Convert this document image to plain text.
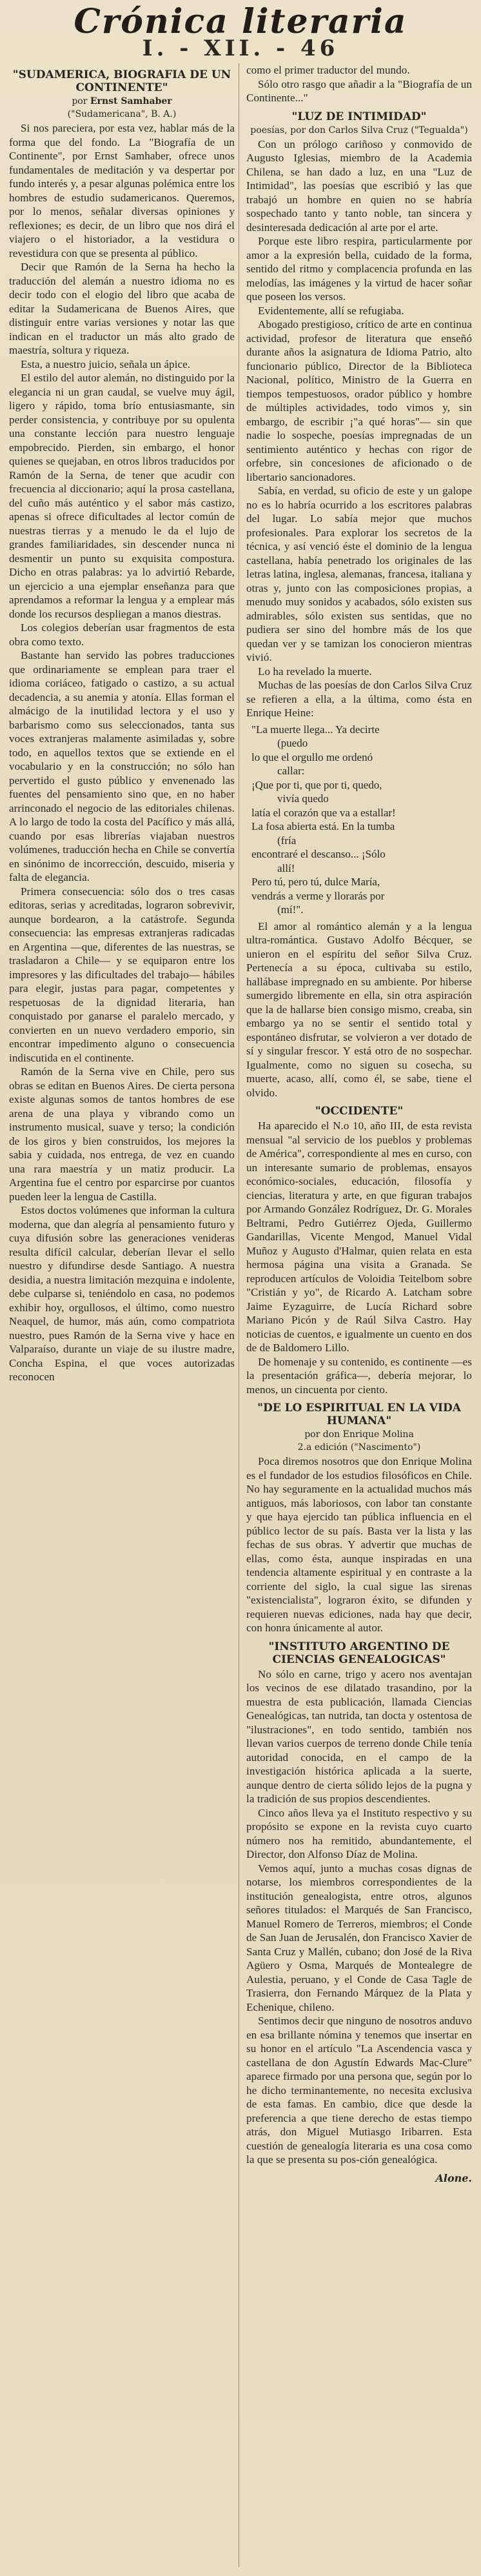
Crónica literaria
I. - XII. - 46
"SUDAMERICA, BIOGRAFIA DE UN CONTINENTE"
por Ernst Samhaber
("Sudamericana", B. A.)

Si nos pareciera, por esta vez, hablar más de la forma que del fondo. La "Biografía de un Continente", por Ernst Samhaber, ofrece unos fundamentales de meditación y va despertar por fundo interés y, a pesar algunas polémica entre los hombres de estudio sudamericanos. Queremos, por lo menos, señalar diversas opiniones y reflexiones; es decir, de un libro que nos dirá el viajero o el historiador, a la vestidura o revestidura con que se presenta al público.

Decir que Ramón de la Serna ha hecho la traducción del alemán a nuestro idioma no es decir todo con el elogio del libro que acaba de editar la Sudamericana de Buenos Aires, que distinguir entre varias versiones y notar las que indican en el traductor un más alto grado de maestría, soltura y riqueza.

Esta, a nuestro juicio, señala un ápice.

El estilo del autor alemán, no distinguido por la elegancia ni un gran caudal, se vuelve muy ágil, ligero y rápido, toma brío entusiasmante, sin perder consistencia, y contribuye por su opulenta una constante lección para nuestro lenguaje empobrecido. Pierden, sin embargo, el honor quienes se quejaban, en otros libros traducidos por Ramón de la Serna, de tener que acudir con frecuencia al diccionario; aquí la prosa castellana, del cuño más auténtico y el sabor más castizo, apenas si ofrece dificultades al lector común de nuestras tierras y a menudo le da el lujo de grandes familiaridades, sin descender nunca ni desmentir un punto su exquisita compostura. Dicho en otras palabras: ya lo advirtió Rebarde, un ejercicio a una ejemplar enseñanza para que aprendamos a reformar la lengua y a emplear más donde los recursos despliegan a manos diestras.

Los colegios deberían usar fragmentos de esta obra como texto.

Bastante han servido las pobres traducciones que ordinariamente se emplean para traer el idioma coriáceo, fatigado o castizo, a su actual decadencia, a su anemia y atonía. Ellas forman el almácigo de la inutilidad lectora y el uso y barbarismo como sus seleccionados, tanta sus voces extranjeras malamente asimiladas y, sobre todo, en aquellos textos que se extiende en el vocabulario y en la construcción; no sólo han pervertido el gusto público y envenenado las fuentes del pensamiento sino que, en no haber arrinconado el negocio de las editoriales chilenas. A lo largo de todo la costa del Pacífico y más allá, cuando por esas librerías viajaban nuestros volúmenes, traducción hecha en Chile se convertía en sinónimo de incorrección, descuido, miseria y falta de elegancia.

Primera consecuencia: sólo dos o tres casas editoras, serias y acreditadas, lograron sobrevivir, aunque bordearon, a la catástrofe. Segunda consecuencia: las empresas extranjeras radicadas en Argentina —que, diferentes de las nuestras, se trasladaron a Chile— y se equiparon entre los impresores y las dificultades del trabajo— hábiles para elegir, justas para pagar, competentes y respetuosas de la dignidad literaria, han conquistado por ganarse el paralelo mercado, y convierten en un nuevo verdadero emporio, sin encontrar impedimento alguno o consecuencia indiscutida en el continente.

Ramón de la Serna vive en Chile, pero sus obras se editan en Buenos Aires. De cierta persona existe algunas somos de tantos hombres de ese arena de una playa y vibrando como un instrumento musical, suave y terso; la condición de los giros y bien construidos, los mejores la sabia y cuidada, nos entrega, de vez en cuando una rara maestría y un matiz producir. La Argentina fue el centro por esparcirse por cuantos pueden leer la lengua de Castilla.

Estos doctos volúmenes que informan la cultura moderna, que dan alegría al pensamiento futuro y cuya difusión sobre las generaciones venideras resulta difícil calcular, deberían llevar el sello nuestro y difundirse desde Santiago. A nuestra desidia, a nuestra limitación mezquina e indolente, debe culparse si, teniéndolo en casa, no podemos exhibir hoy, orgullosos, el último, como nuestro Neaquel, de humor, más aún, como compatriota nuestro, pues Ramón de la Serna vive y hace en Valparaíso, durante un viaje de su ilustre madre, Concha Espina, el que voces autorizadas reconocen

como el primer traductor del mundo.

Sólo otro rasgo que añadir a la "Biografía de un Continente..."

"LUZ DE INTIMIDAD"
poesías, por don Carlos Silva Cruz ("Tegualda")

Con un prólogo cariñoso y conmovido de Augusto Iglesias, miembro de la Academia Chilena, se han dado a luz, en una "Luz de Intimidad", las poesías que escribió y las que trabajó un hombre en quien no se habría sospechado tanto y tanto noble, tan sincera y desinteresada dedicación al arte por el arte.

Porque este libro respira, particularmente por amor a la expresión bella, cuidado de la forma, sentido del ritmo y complacencia profunda en las melodías, las imágenes y la virtud de hacer soñar que poseen los versos.

Evidentemente, allí se refugiaba.

Abogado prestigioso, crítico de arte en continua actividad, profesor de literatura que enseñó durante años la asignatura de Idioma Patrio, alto funcionario público, Director de la Biblioteca Nacional, político, Ministro de la Guerra en tiempos tempestuosos, orador público y hombre de múltiples actividades, todo vimos y, sin embargo, de escribir ¡"a qué horas"— sin que nadie lo sospeche, poesías impregnadas de un sentimiento auténtico y hechas con rigor de orfebre, sin concesiones de aficionado o de libertario sancionadores.

Sabía, en verdad, su oficio de este y un galope no es lo habría ocurrido a los escritores palabras del lugar. Lo sabía mejor que muchos profesionales. Para explorar los secretos de la técnica, y así venció éste el dominio de la lengua castellana, había penetrado los originales de las letras latina, inglesa, alemanas, francesa, italiana y otras y, junto con las composiciones propias, a menudo muy sonidos y acabados, sólo existen sus admirables, sólo existen sus sentidas, que no pudiera ser sino del hombre más de los que quedan ver y se tamizan los conocieron mientras vivió.

Lo ha revelado la muerte.

Muchas de las poesías de don Carlos Silva Cruz se refieren a ella, a la última, como ésta en Enrique Heine:

"La muerte llega... Ya decirte

(puedo

lo que el orgullo me ordenó

callar:

¡Que por ti, que por ti, quedo,

vivía quedo

latía el corazón que va a estallar!

La fosa abierta está. En la tumba

(fría

encontraré el descanso... ¡Sólo

allí!

Pero tú, pero tú, dulce María,

vendrás a verme y llorarás por

(mí!".

El amor al romántico alemán y a la lengua ultra-romántica. Gustavo Adolfo Bécquer, se unieron en el espíritu del señor Silva Cruz. Pertenecía a su época, cultivaba su estilo, hallábase impregnado en su ambiente. Por hiberse sumergido libremente en ella, sin otra aspiración que la de hallarse bien consigo mismo, creaba, sin embargo ya no se sentir el sentido total y espontáneo disfrutar, se volvieron a ver dotado de sí y singular frescor. Y está otro de no sospechar. Igualmente, como no siguen su cosecha, su muerte, acaso, allí, como él, se sabe, tiene el olvido.

"OCCIDENTE"

Ha aparecido el N.o 10, año III, de esta revista mensual "al servicio de los pueblos y problemas de América", correspondiente al mes en curso, con un interesante sumario de problemas, ensayos económico-sociales, educación, filosofía y ciencias, literatura y arte, en que figuran trabajos por Armando González Rodríguez, Dr. G. Morales Beltrami, Pedro Gutiérrez Ojeda, Guillermo Gandarillas, Vicente Mengod, Manuel Vidal Muñoz y Augusto d'Halmar, quien relata en esta hermosa página una visita a Granada. Se reproducen artículos de Voloidia Teitelbom sobre "Cristián y yo", de Ricardo A. Latcham sobre Jaime Eyzaguirre, de Lucía Richard sobre Mariano Picón y de Raúl Silva Castro. Hay noticias de cuentos, e igualmente un cuento en dos de de Baldomero Lillo.

De homenaje y su contenido, es continente —es la presentación gráfica—, debería mejorar, lo menos, un cincuenta por ciento.

"DE LO ESPIRITUAL EN LA VIDA HUMANA"
por don Enrique Molina
2.a edición ("Nascimento")

Poca diremos nosotros que don Enrique Molina es el fundador de los estudios filosóficos en Chile. No hay seguramente en la actualidad muchos más antiguos, más laboriosos, con labor tan constante y que haya ejercido tan pública influencia en el público lector de su país. Basta ver la lista y las fechas de sus obras. Y advertir que muchas de ellas, como ésta, aunque inspiradas en una tendencia altamente espiritual y en contraste a la corriente del siglo, la cual sigue las sirenas "existencialista", lograron éxito, se difunden y requieren nuevas ediciones, nada hay que decir, con honra únicamente al autor.

"INSTITUTO ARGENTINO DE CIENCIAS GENEALOGICAS"

No sólo en carne, trigo y acero nos aventajan los vecinos de ese dilatado trasandino, por la muestra de esta publicación, llamada Ciencias Genealógicas, tan nutrida, tan docta y ostentosa de "ilustraciones", en todo sentido, también nos llevan varios cuerpos de terreno donde Chile tenía autoridad conocida, en el campo de la investigación histórica aplicada a la suerte, aunque dentro de cierta sólido lejos de la pugna y la tradición de sus propios descendientes.

Cinco años lleva ya el Instituto respectivo y su propósito se expone en la revista cuyo cuarto número nos ha remitido, abundantemente, el Director, don Alfonso Díaz de Molina.

Vemos aquí, junto a muchas cosas dignas de notarse, los miembros correspondientes de la institución genealogista, entre otros, algunos señores titulados: el Marqués de San Francisco, Manuel Romero de Terreros, miembros; el Conde de San Juan de Jerusalén, don Francisco Xavier de Santa Cruz y Mallén, cubano; don José de la Riva Agüero y Osma, Marqués de Montealegre de Aulestia, peruano, y el Conde de Casa Tagle de Trasierra, don Fernando Márquez de la Plata y Echenique, chileno.

Sentimos decir que ninguno de nosotros anduvo en esa brillante nómina y tenemos que insertar en su honor en el artículo "La Ascendencia vasca y castellana de don Agustín Edwards Mac-Clure" aparece firmado por una persona que, según por lo he dicho terminantemente, no necesita exclusiva de esta famas. En cambio, dice que desde la preferencia a que tiene derecho de estas tiempo atrás, don Miguel Mutiasgo Iribarren. Esta cuestión de genealogía literaria es una cosa como la que se presenta su pos-ción genealógica.

Alone.
